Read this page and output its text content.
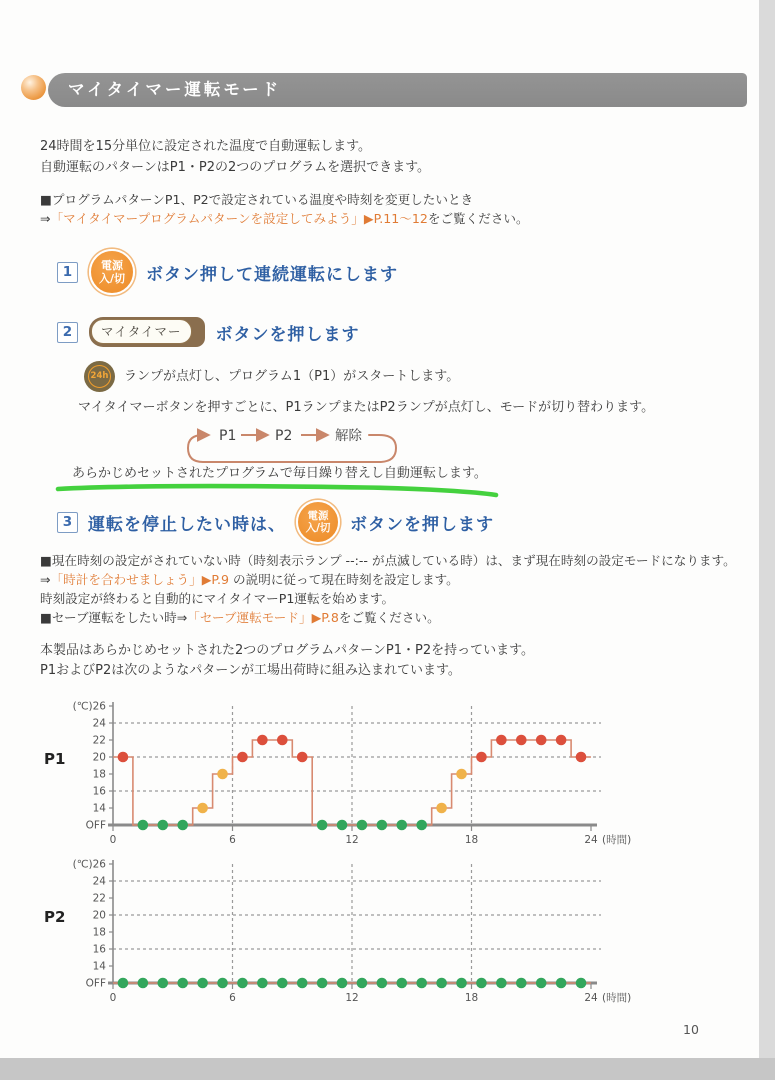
マイタイマー運転モード
24時間を15分単位に設定された温度で自動運転します。
自動運転のパターンはP1・P2の2つのプログラムを選択できます。
■プログラムパターンP1、P2で設定されている温度や時刻を変更したいとき
⇒「マイタイマープログラムパターンを設定してみよう」▶P.11〜12をご覧ください。
1	電源
入/切 ボタン押して連続運転にします
2	マイタイマー	ボタンを押します
24h ランプが点灯し、プログラム1（P1）がスタートします。
マイタイマーボタンを押すごとに、P1ランプまたはP2ランプが点灯し、モードが切り替わります。
P1	P2	解除
あらかじめセットされたプログラムで毎日繰り替えし自動運転します。
3 運転を停止したい時は、 電源
入/切 ボタンを押します
■現在時刻の設定がされていない時（時刻表示ランプ --:-- が点滅している時）は、まず現在時刻の設定モードになります。
⇒「時計を合わせましょう」▶P.9 の説明に従って現在時刻を設定します。
時刻設定が終わると自動的にマイタイマーP1運転を始めます。
■セーブ運転をしたい時⇒「セーブ運転モード」▶P.8をご覧ください。
本製品はあらかじめセットされた2つのプログラムパターンP1・P2を持っています。
P1およびP2は次のようなパターンが工場出荷時に組み込まれています。
P1
(℃)26
24
22
20
18
16
14
OFF
0	6	12	18	24 (時間)
P2
(℃)26
24
22
20
18
16
14
OFF
0	6	12	18	24 (時間)
10
